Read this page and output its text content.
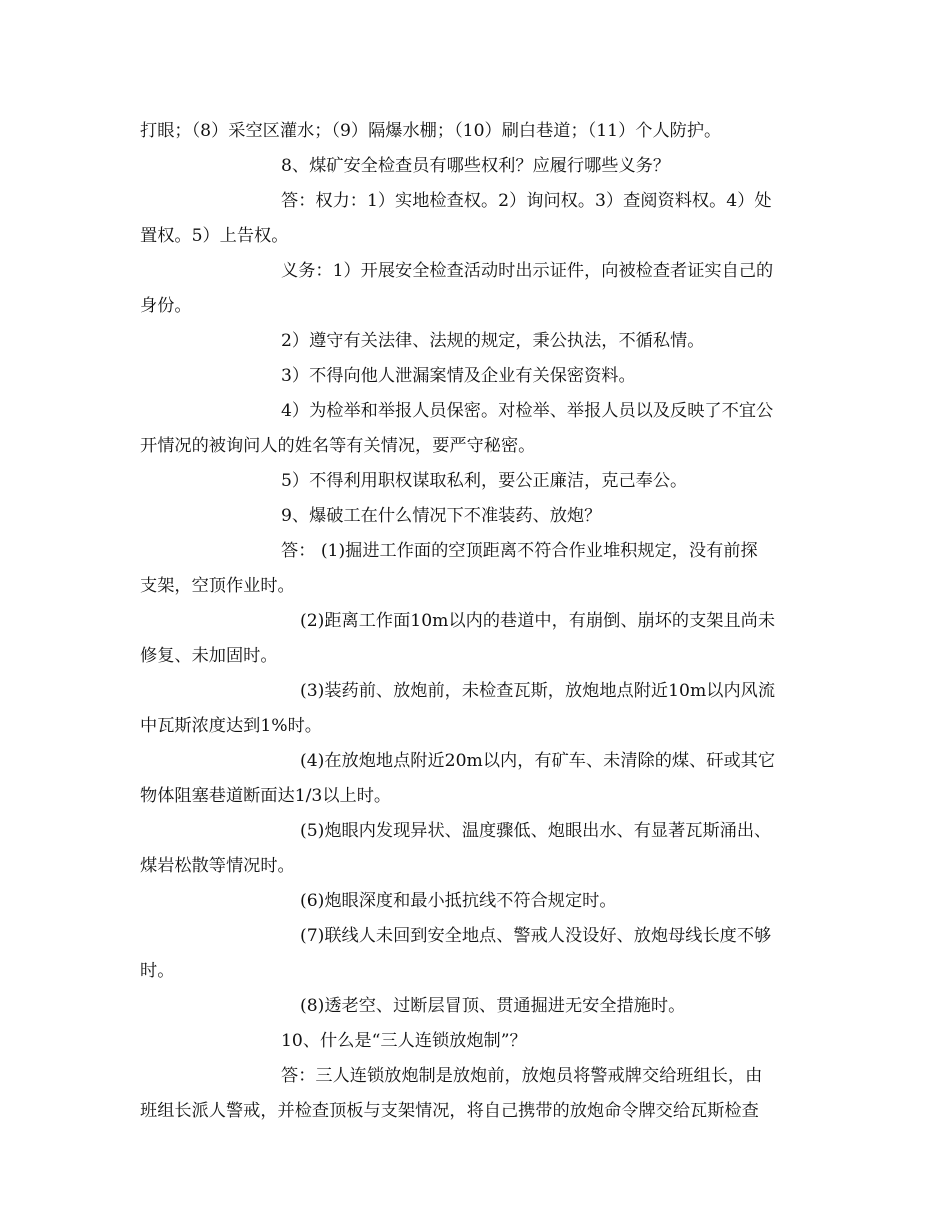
打眼；（8）采空区灌水；（9）隔爆水棚；（10）刷白巷道；（11）个人防护。
8、煤矿安全检查员有哪些权利？应履行哪些义务？
答：权力：1）实地检查权。2）询问权。3）查阅资料权。4）处
置权。5）上告权。
义务：1）开展安全检查活动时出示证件，向被检查者证实自己的
身份。
2）遵守有关法律、法规的规定，秉公执法，不循私情。
3）不得向他人泄漏案情及企业有关保密资料。
4）为检举和举报人员保密。对检举、举报人员以及反映了不宜公
开情况的被询问人的姓名等有关情况，要严守秘密。
5）不得利用职权谋取私利，要公正廉洁，克己奉公。
9、爆破工在什么情况下不准装药、放炮？
答： (1)掘进工作面的空顶距离不符合作业堆积规定，没有前探
支架，空顶作业时。
(2)距离工作面10m以内的巷道中，有崩倒、崩坏的支架且尚未
修复、未加固时。
(3)装药前、放炮前，未检查瓦斯，放炮地点附近10m以内风流
中瓦斯浓度达到1%时。
(4)在放炮地点附近20m以内，有矿车、未清除的煤、矸或其它
物体阻塞巷道断面达1/3以上时。
(5)炮眼内发现异状、温度骤低、炮眼出水、有显著瓦斯涌出、
煤岩松散等情况时。
(6)炮眼深度和最小抵抗线不符合规定时。
(7)联线人未回到安全地点、警戒人没设好、放炮母线长度不够
时。
(8)透老空、过断层冒顶、贯通掘进无安全措施时。
10、什么是“三人连锁放炮制”？
答：三人连锁放炮制是放炮前，放炮员将警戒牌交给班组长，由
班组长派人警戒，并检查顶板与支架情况，将自己携带的放炮命令牌交给瓦斯检查
